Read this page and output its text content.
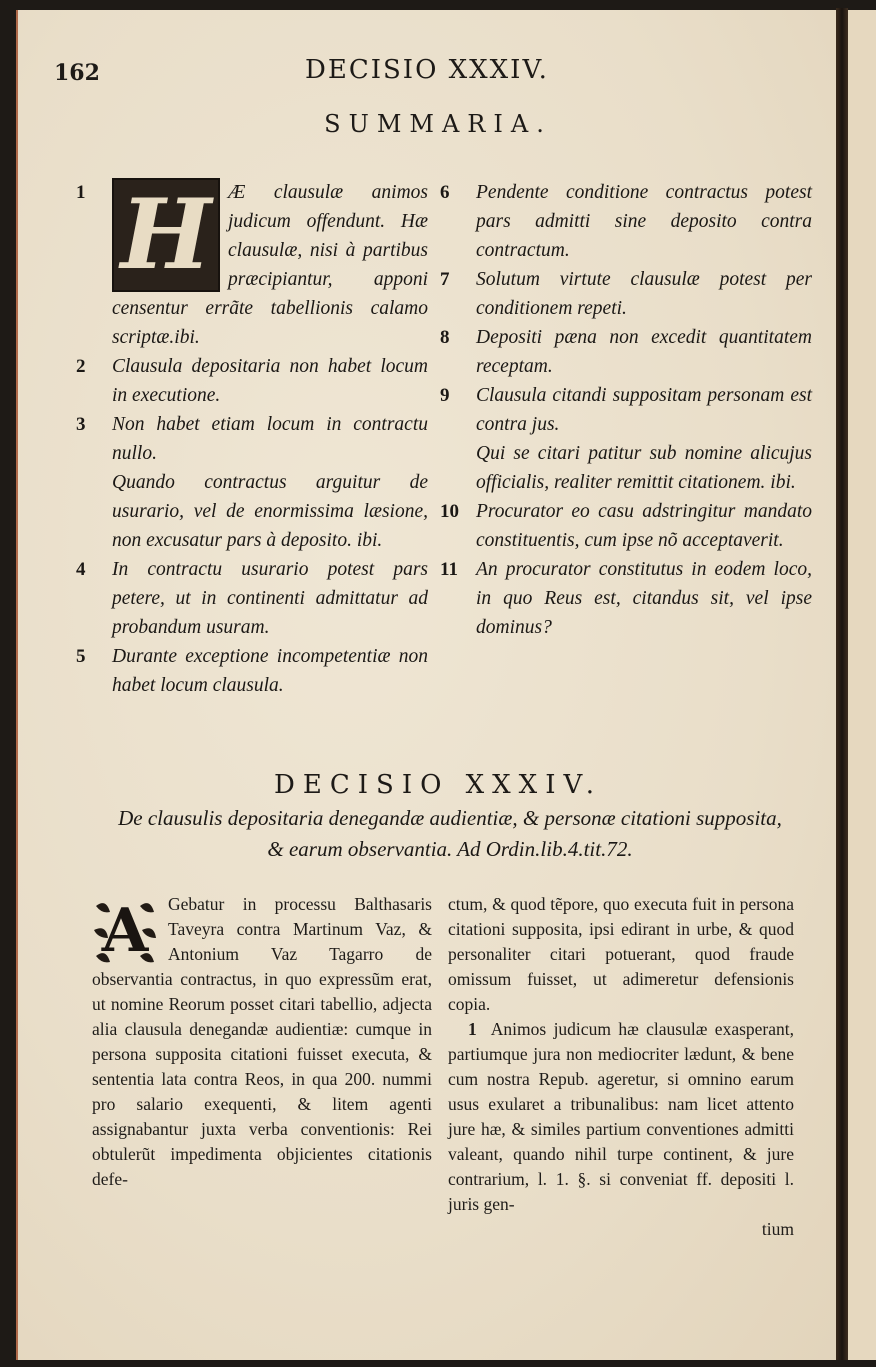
162	DECISIO XXXIV.
SUMMARIA.
1 H Æ clausulæ animos judicum offendunt. Hæ clausulæ, nisi à partibus præcipiantur, apponi censentur errãte tabellionis calamo scriptæ.ibi.
2 Clausula depositaria non habet locum in executione.
3 Non habet etiam locum in contractu nullo.
Quando contractus arguitur de usurario, vel de enormissima læsione, non excusatur pars à deposito. ibi.
4 In contractu usurario potest pars petere, ut in continenti admittatur ad probandum usuram.
5 Durante exceptione incompetentiæ non habet locum clausula.
6 Pendente conditione contractus potest pars admitti sine deposito contra contractum.
7 Solutum virtute clausulæ potest per conditionem repeti.
8 Depositi pæna non excedit quantitatem receptam.
9 Clausula citandi suppositam personam est contra jus.
Qui se citari patitur sub nomine alicujus officialis, realiter remittit citationem. ibi.
10 Procurator eo casu adstringitur mandato constituentis, cum ipse nõ acceptaverit.
11 An procurator constitutus in eodem loco, in quo Reus est, citandus sit, vel ipse dominus?
DECISIO XXXIV.
De clausulis depositaria denegandæ audientiæ, & personæ citationi supposita,
& earum observantia. Ad Ordin.lib.4.tit.72.
A	Gebatur in processu Balthasaris Taveyra contra Martinum Vaz, & Antonium Vaz Tagarro de observantia contractus, in quo expressũm erat, ut nomine Reorum posset citari tabellio, adjecta alia clausula denegandæ audientiæ: cumque in persona supposita citationi fuisset executa, & sententia lata contra Reos, in qua 200. nummi pro salario exequenti, & litem agenti assignabantur juxta verba conventionis: Rei obtulerũt impedimenta objicientes citationis defe-
ctum, & quod tẽpore, quo executa fuit in persona citationi supposita, ipsi edirant in urbe, & quod personaliter citari potuerant, quod fraude omissum fuisset, ut adimeretur defensionis copia.
1 Animos judicum hæ clausulæ exasperant, partiumque jura non mediocriter lædunt, & bene cum nostra Repub. ageretur, si omnino earum usus exularet a tribunalibus: nam licet attento jure hæ, & similes partium conventiones admitti valeant, quando nihil turpe continent, & jure contrarium, l. 1. §. si conveniat ff. depositi l. juris gen-
tium
